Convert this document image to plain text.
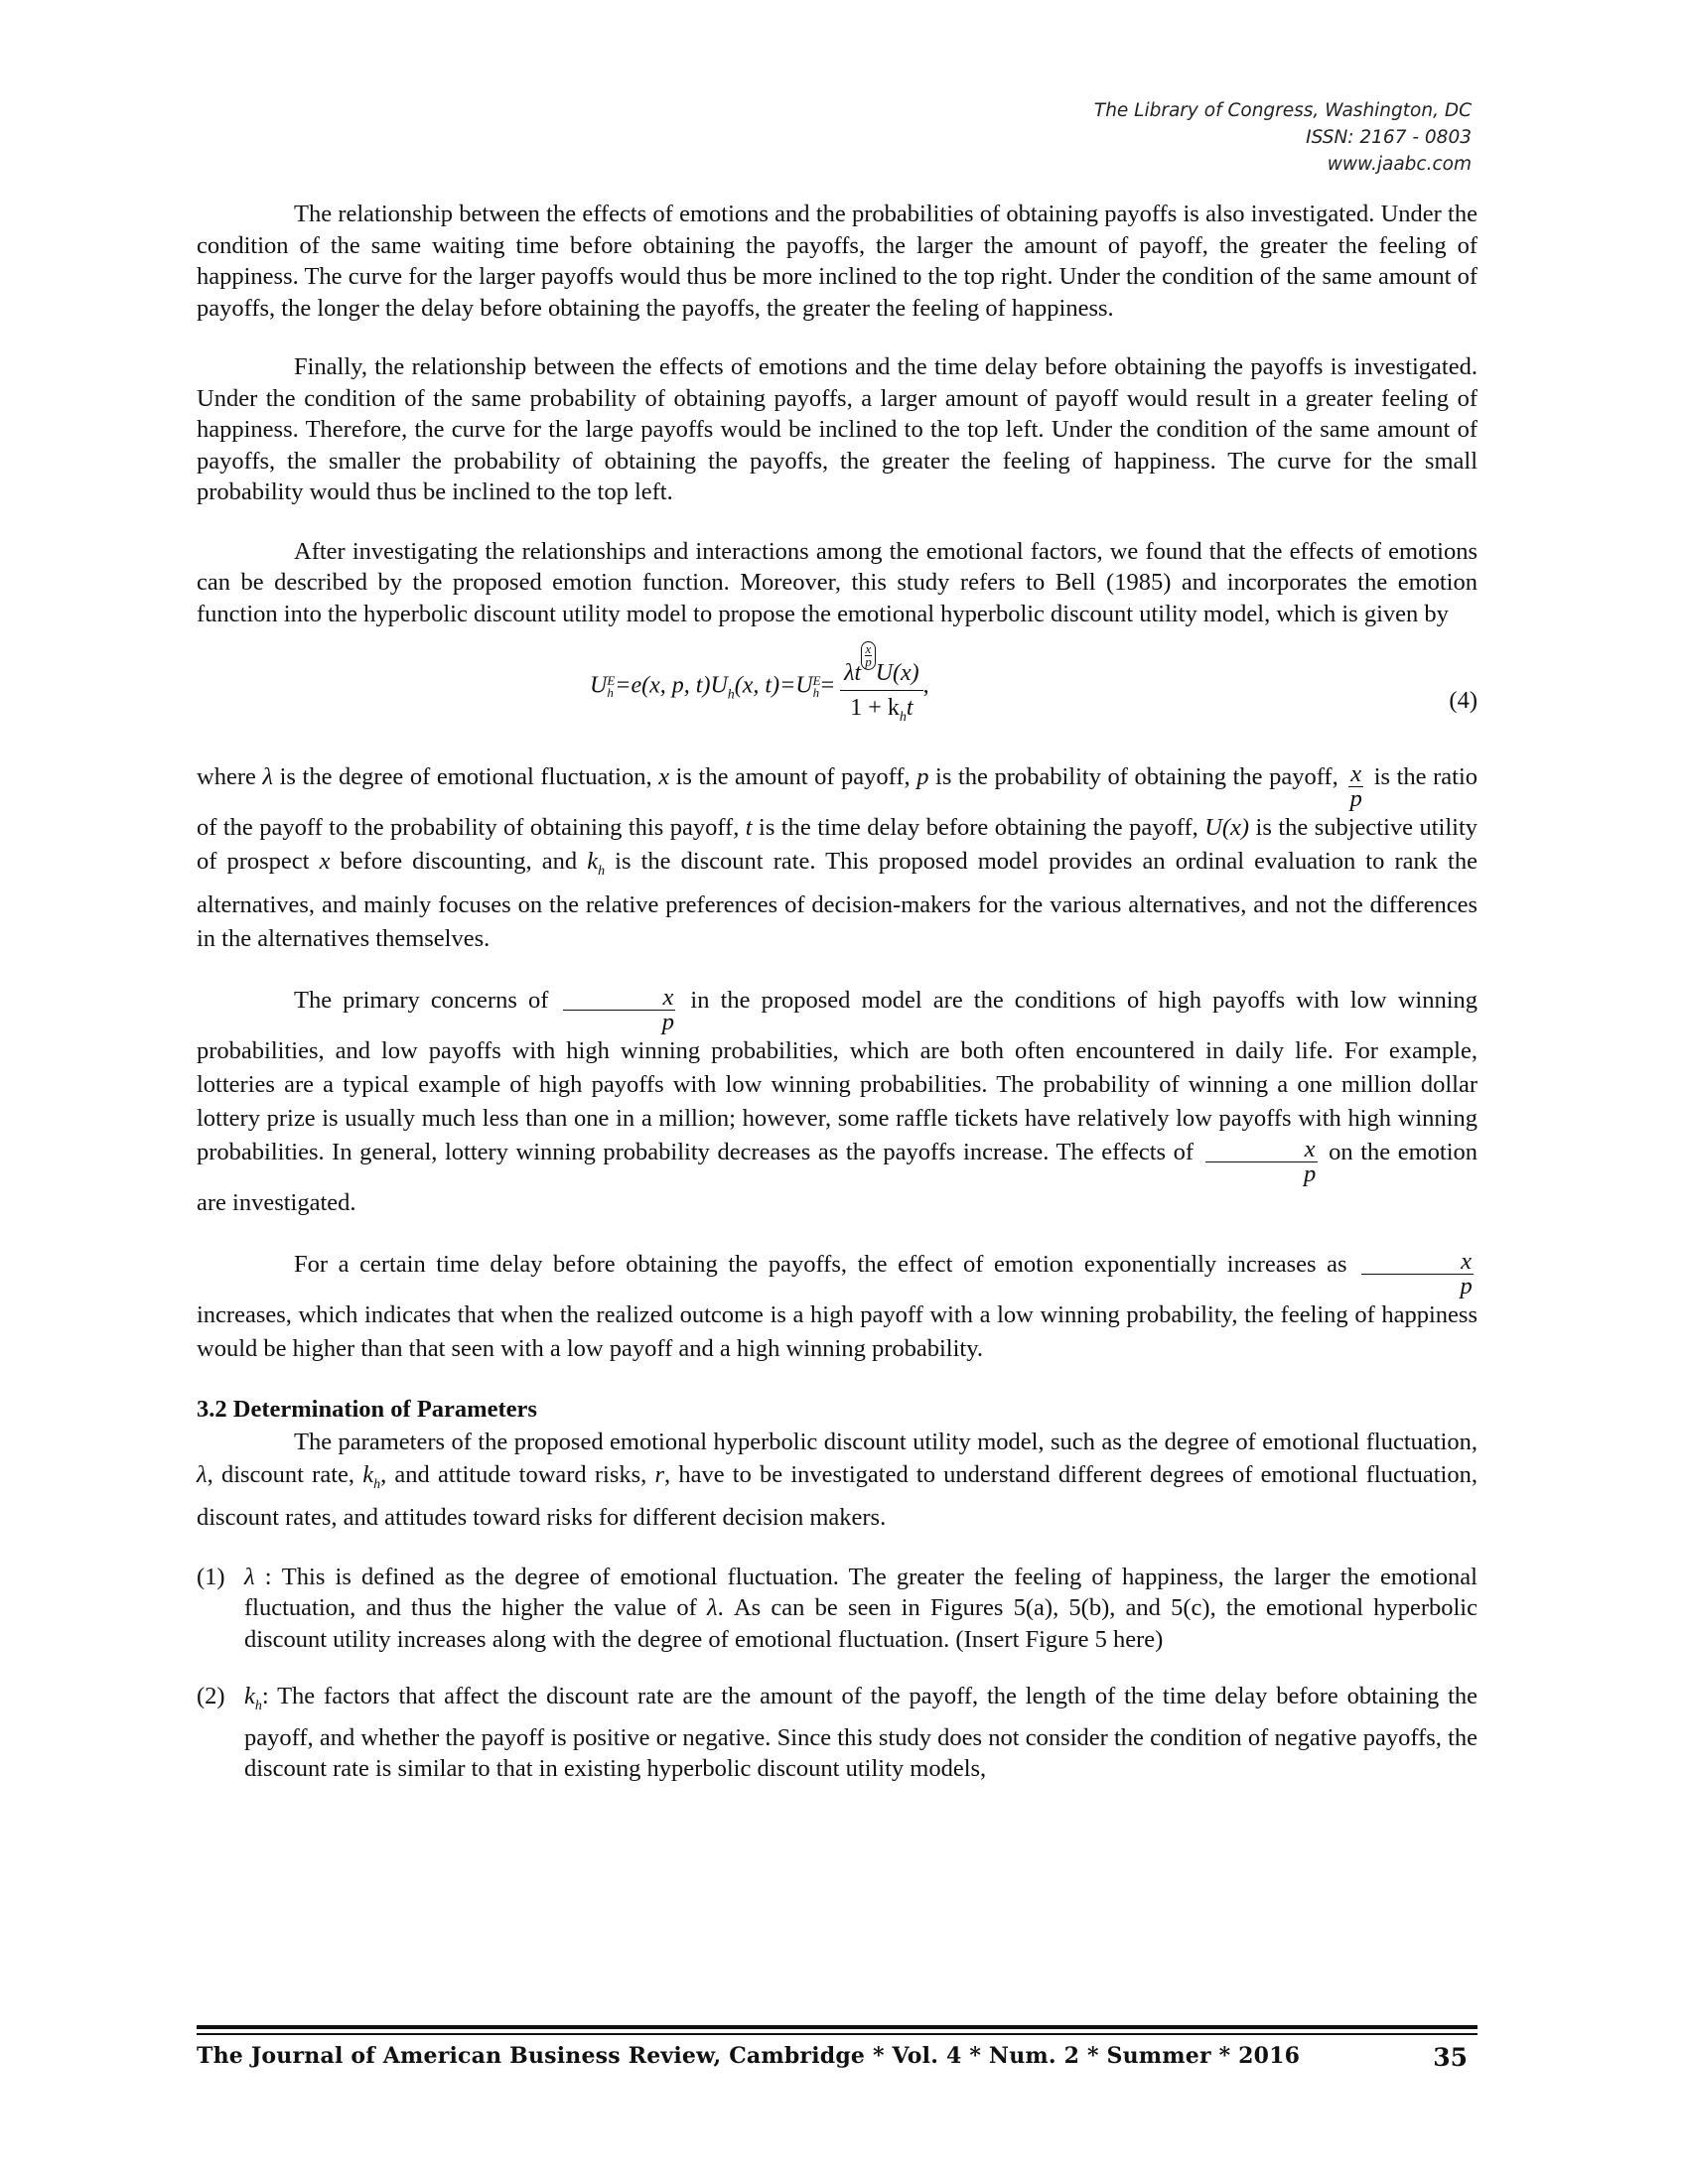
The Library of Congress, Washington, DC
ISSN: 2167 - 0803
www.jaabc.com

The relationship between the effects of emotions and the probabilities of obtaining payoffs is also investigated. Under the condition of the same waiting time before obtaining the payoffs, the larger the amount of payoff, the greater the feeling of happiness. The curve for the larger payoffs would thus be more inclined to the top right. Under the condition of the same amount of payoffs, the longer the delay before obtaining the payoffs, the greater the feeling of happiness.

Finally, the relationship between the effects of emotions and the time delay before obtaining the payoffs is investigated. Under the condition of the same probability of obtaining payoffs, a larger amount of payoff would result in a greater feeling of happiness. Therefore, the curve for the large payoffs would be inclined to the top left. Under the condition of the same amount of payoffs, the smaller the probability of obtaining the payoffs, the greater the feeling of happiness. The curve for the small probability would thus be inclined to the top left.

After investigating the relationships and interactions among the emotional factors, we found that the effects of emotions can be described by the proposed emotion function. Moreover, this study refers to Bell (1985) and incorporates the emotion function into the hyperbolic discount utility model to propose the emotional hyperbolic discount utility model, which is given by

U E
h =e(x, p, $t)U_h(x$, t)=U E
h = λt
$\frac{x}{p}$
U(x)
$1 + k_ht$ ,
(4)

where λ is the degree of emotional fluctuation, x is the amount of payoff, p is the probability of obtaining the payoff, $\frac{x}{p}$ is the ratio of the payoff to the probability of obtaining this payoff, t is the time delay before obtaining the payoff, U(x) is the subjective utility of prospect x before discounting, and $k_h$ is the discount rate. This proposed model provides an ordinal evaluation to rank the alternatives, and mainly focuses on the relative preferences of decision-makers for the various alternatives, and not the differences in the alternatives themselves.

The primary concerns of $\frac{x}{p}$ in the proposed model are the conditions of high payoffs with low winning probabilities, and low payoffs with high winning probabilities, which are both often encountered in daily life. For example, lotteries are a typical example of high payoffs with low winning probabilities. The probability of winning a one million dollar lottery prize is usually much less than one in a million; however, some raffle tickets have relatively low payoffs with high winning probabilities. In general, lottery winning probability decreases as the payoffs increase. The effects of $\frac{x}{p}$ on the emotion are investigated.

For a certain time delay before obtaining the payoffs, the effect of emotion exponentially increases as $\frac{x}{p}$
increases, which indicates that when the realized outcome is a high payoff with a low winning probability, the feeling of happiness would be higher than that seen with a low payoff and a high winning probability.

3.2 Determination of Parameters

The parameters of the proposed emotional hyperbolic discount utility model, such as the degree of emotional fluctuation, λ, discount rate, $k_h$, and attitude toward risks, r, have to be investigated to understand different degrees of emotional fluctuation, discount rates, and attitudes toward risks for different decision makers.

(1) λ : This is defined as the degree of emotional fluctuation. The greater the feeling of happiness, the larger the emotional fluctuation, and thus the higher the value of λ. As can be seen in Figures 5(a), 5(b), and 5(c), the emotional hyperbolic discount utility increases along with the degree of emotional fluctuation. (Insert Figure 5 here)
(2) $k_h$: The factors that affect the discount rate are the amount of the payoff, the length of the time delay before obtaining the payoff, and whether the payoff is positive or negative. Since this study does not consider the condition of negative payoffs, the discount rate is similar to that in existing hyperbolic discount utility models,
The Journal of American Business Review, Cambridge * Vol. 4 * Num. 2 * Summer * 2016	35
